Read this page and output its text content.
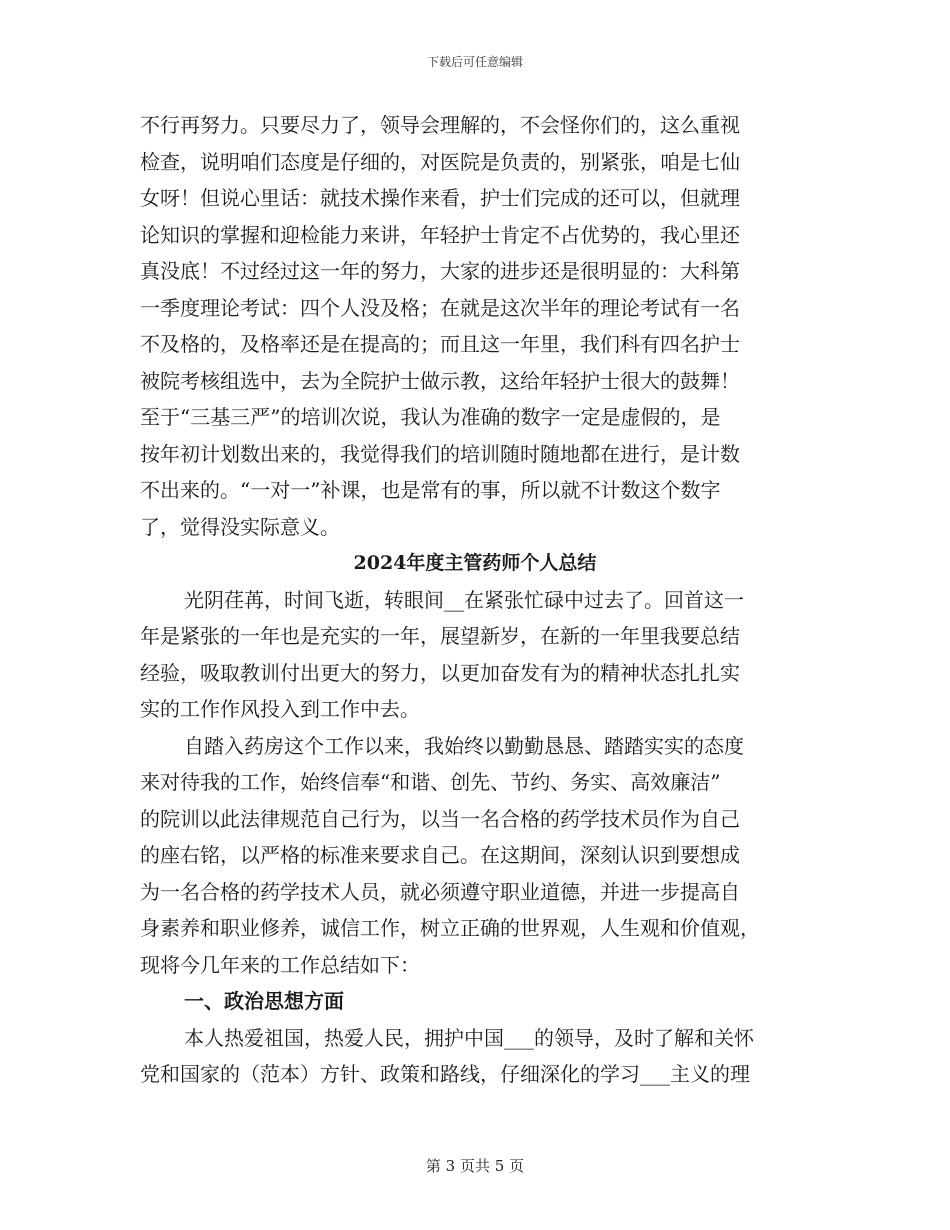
下载后可任意编辑
不行再努力。只要尽力了，领导会理解的，不会怪你们的，这么重视
检查，说明咱们态度是仔细的，对医院是负责的，别紧张，咱是七仙
女呀！但说心里话：就技术操作来看，护士们完成的还可以，但就理
论知识的掌握和迎检能力来讲，年轻护士肯定不占优势的，我心里还
真没底！不过经过这一年的努力，大家的进步还是很明显的：大科第
一季度理论考试：四个人没及格；在就是这次半年的理论考试有一名
不及格的，及格率还是在提高的；而且这一年里，我们科有四名护士
被院考核组选中，去为全院护士做示教，这给年轻护士很大的鼓舞！
至于“三基三严”的培训次说，我认为准确的数字一定是虚假的，是
按年初计划数出来的，我觉得我们的培训随时随地都在进行，是计数
不出来的。“一对一”补课，也是常有的事，所以就不计数这个数字
了，觉得没实际意义。
2024年度主管药师个人总结
光阴荏苒，时间飞逝，转眼间__在紧张忙碌中过去了。回首这一
年是紧张的一年也是充实的一年，展望新岁，在新的一年里我要总结
经验，吸取教训付出更大的努力，以更加奋发有为的精神状态扎扎实
实的工作作风投入到工作中去。
自踏入药房这个工作以来，我始终以勤勤恳恳、踏踏实实的态度
来对待我的工作，始终信奉“和谐、创先、节约、务实、高效廉洁”
的院训以此法律规范自己行为，以当一名合格的药学技术员作为自己
的座右铭，以严格的标准来要求自己。在这期间，深刻认识到要想成
为一名合格的药学技术人员，就必须遵守职业道德，并进一步提高自
身素养和职业修养，诚信工作，树立正确的世界观，人生观和价值观，
现将今几年来的工作总结如下：
一、政治思想方面
本人热爱祖国，热爱人民，拥护中国___的领导，及时了解和关怀
党和国家的（范本）方针、政策和路线，仔细深化的学习___主义的理
第 3 页共 5 页
